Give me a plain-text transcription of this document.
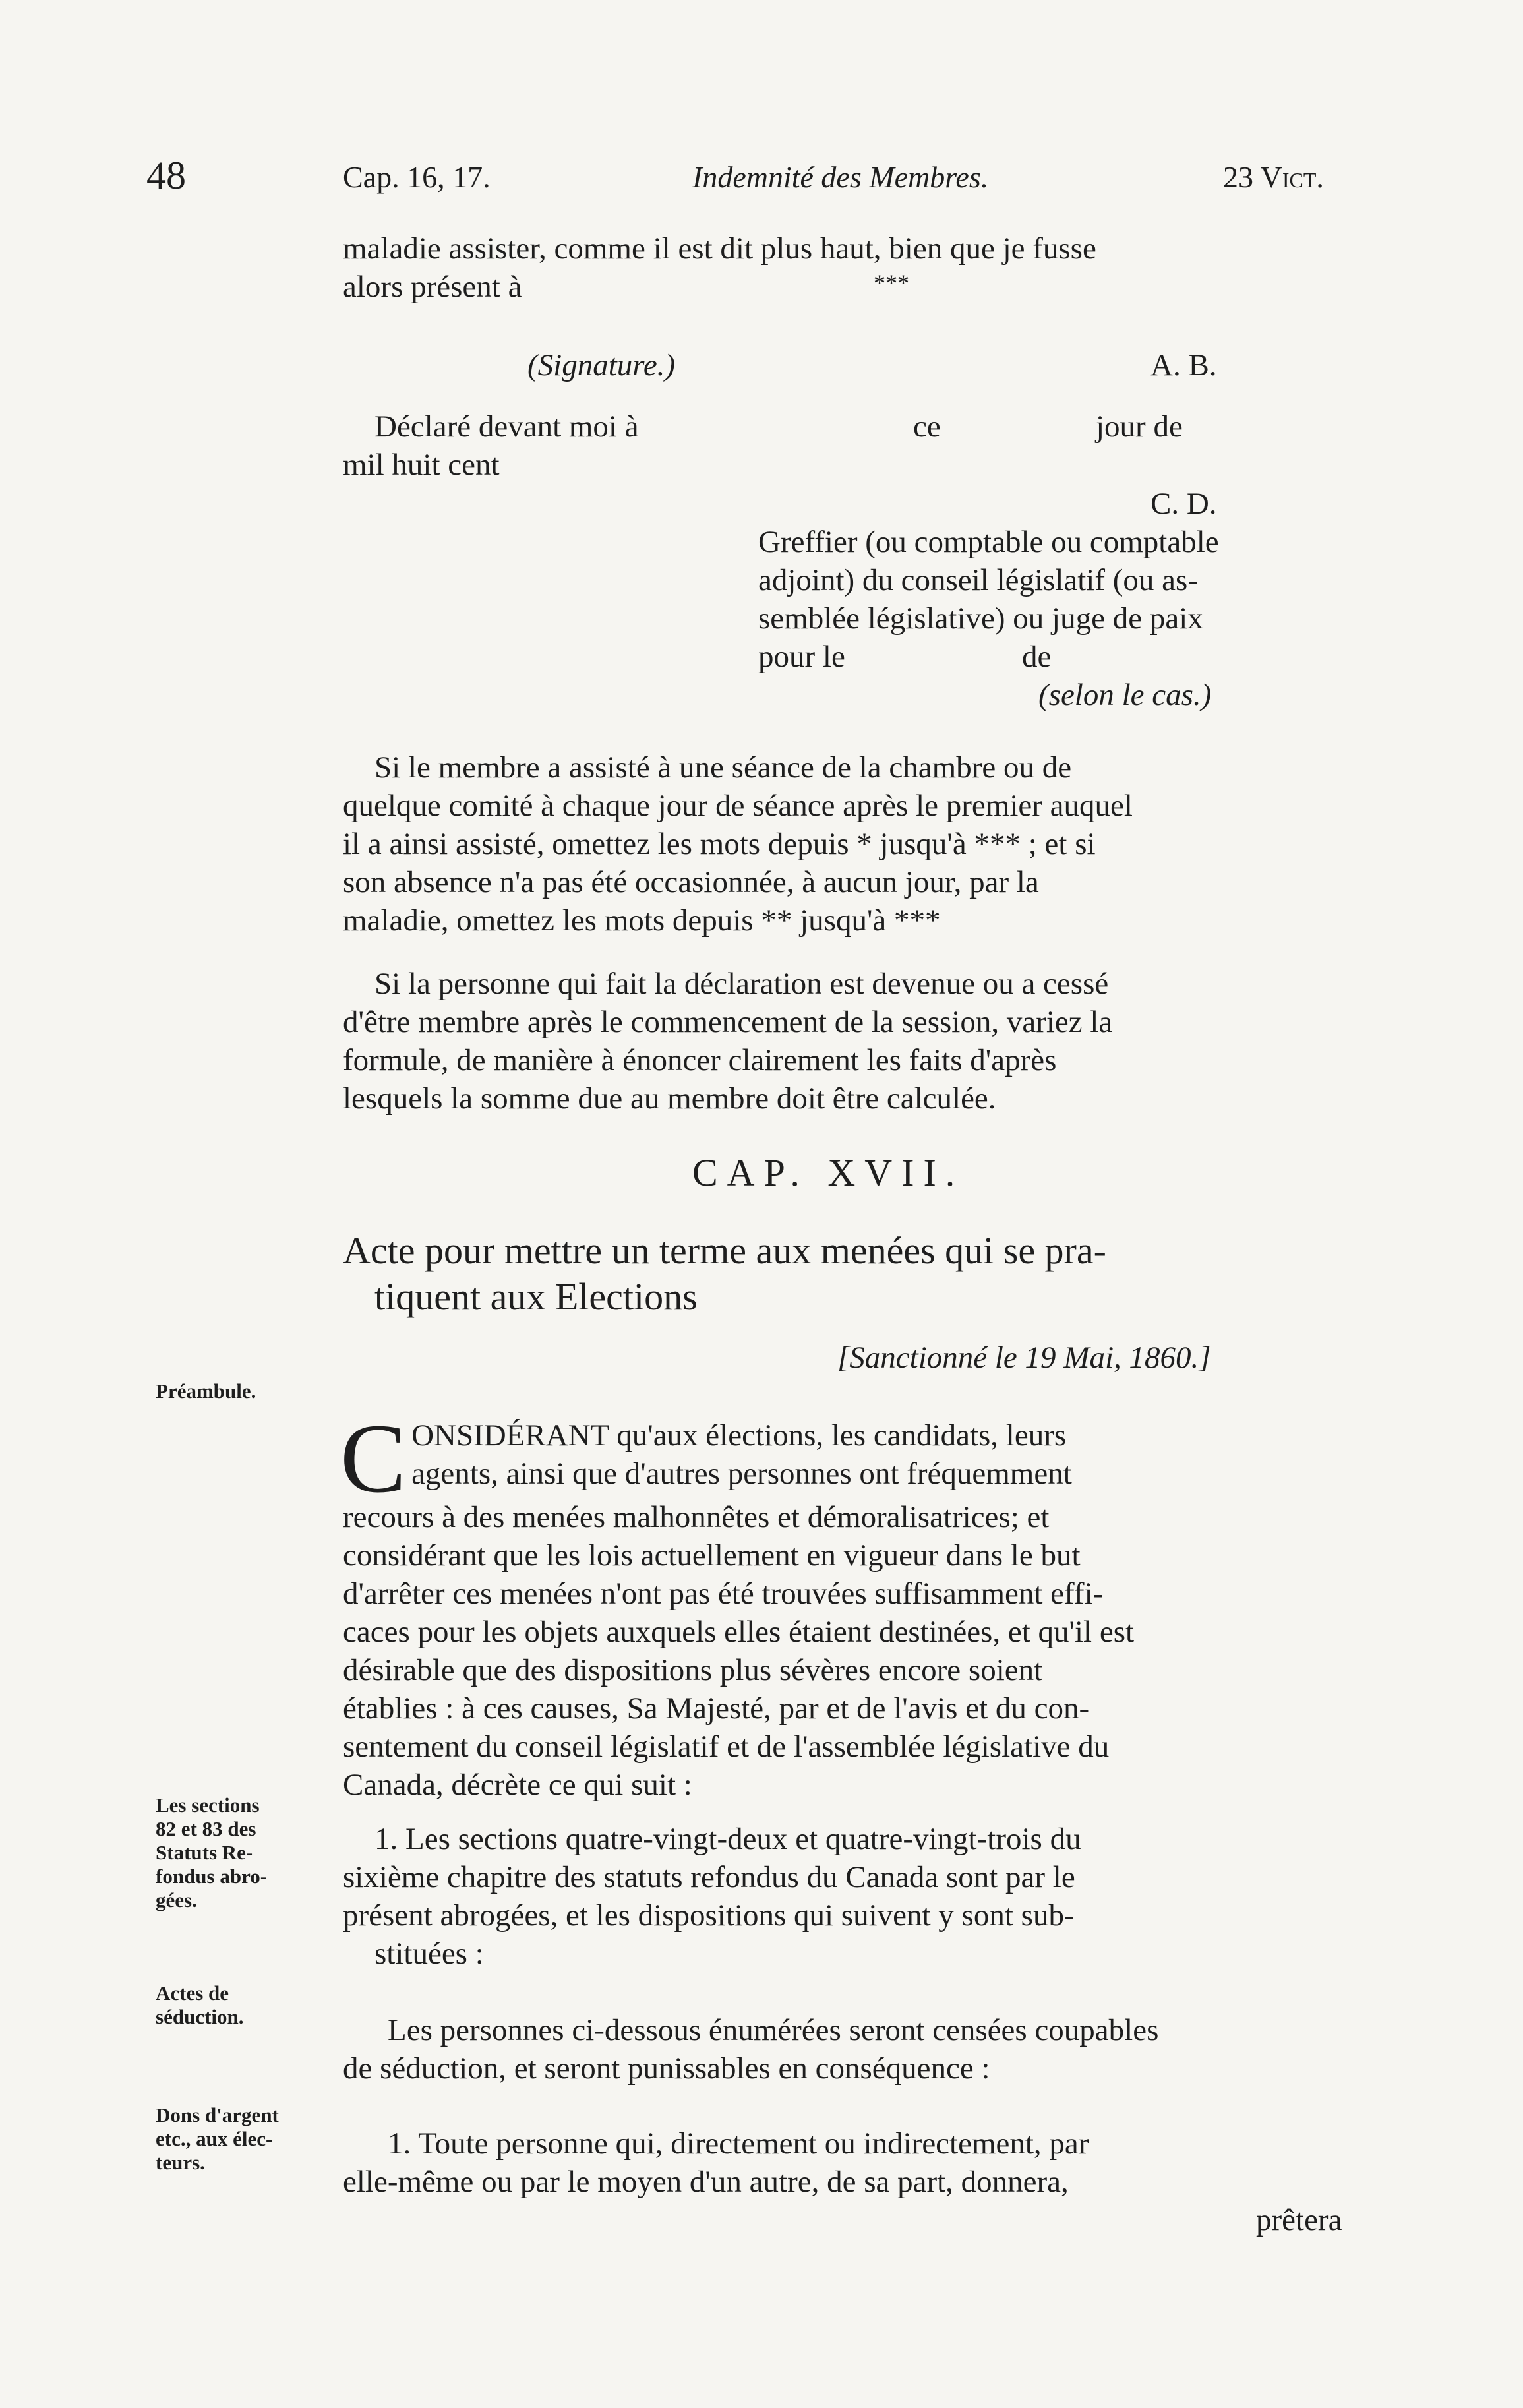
48	Cap. 16, 17.	Indemnité des Membres.	23 Vict.
maladie assister, comme il est dit plus haut, bien que je fusse
alors présent à	***
(Signature.)	A. B.
Déclaré devant moi à	ce	jour de
mil huit cent
C. D.
Greffier (ou comptable ou comptable
adjoint) du conseil législatif (ou as-
semblée législative) ou juge de paix
pour le	de
(selon le cas.)
Si le membre a assisté à une séance de la chambre ou de
quelque comité à chaque jour de séance après le premier auquel
il a ainsi assisté, omettez les mots depuis * jusqu'à *** ; et si
son absence n'a pas été occasionnée, à aucun jour, par la
maladie, omettez les mots depuis ** jusqu'à ***
Si la personne qui fait la déclaration est devenue ou a cessé
d'être membre après le commencement de la session, variez la
formule, de manière à énoncer clairement les faits d'après
lesquels la somme due au membre doit être calculée.
CAP. XVII.
Acte pour mettre un terme aux menées qui se pra-
tiquent aux Elections
[Sanctionné le 19 Mai, 1860.]
Préambule.
Les sections
82 et 83 des
Statuts Re-
fondus abro-
gées.
Actes de
séduction.
Dons d'argent
etc., aux élec-
teurs.
C ONSIDÉRANT qu'aux élections, les candidats, leurs
agents, ainsi que d'autres personnes ont fréquemment
recours à des menées malhonnêtes et démoralisatrices; et
considérant que les lois actuellement en vigueur dans le but
d'arrêter ces menées n'ont pas été trouvées suffisamment effi-
caces pour les objets auxquels elles étaient destinées, et qu'il est
désirable que des dispositions plus sévères encore soient
établies : à ces causes, Sa Majesté, par et de l'avis et du con-
sentement du conseil législatif et de l'assemblée législative du
Canada, décrète ce qui suit :
1. Les sections quatre-vingt-deux et quatre-vingt-trois du
sixième chapitre des statuts refondus du Canada sont par le
présent abrogées, et les dispositions qui suivent y sont sub-
stituées :
Les personnes ci-dessous énumérées seront censées coupables
de séduction, et seront punissables en conséquence :
1. Toute personne qui, directement ou indirectement, par
elle-même ou par le moyen d'un autre, de sa part, donnera,
prêtera
